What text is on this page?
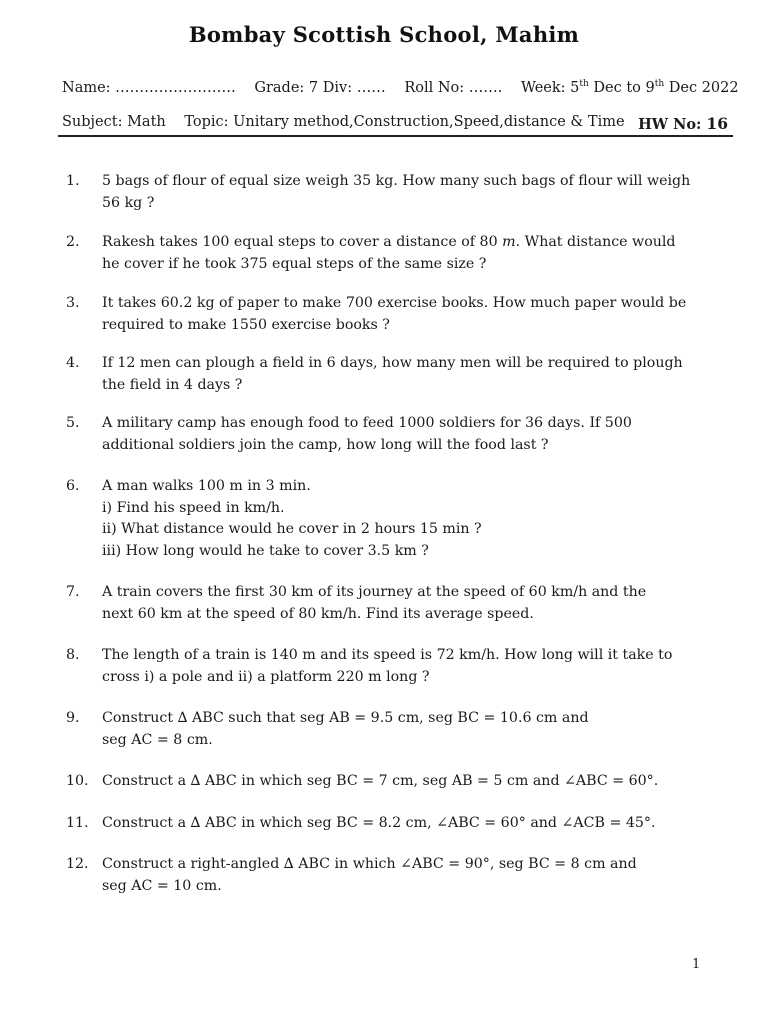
Bombay Scottish School, Mahim
Name: ……………………. Grade: 7 Div: …… Roll No: ……. Week: 5th Dec to 9th Dec 2022
Subject: Math Topic: Unitary method,Construction,Speed,distance & Time HW No: 16
1. 5 bags of flour of equal size weigh 35 kg. How many such bags of flour will weigh
56 kg ?
2. Rakesh takes 100 equal steps to cover a distance of 80 m. What distance would
he cover if he took 375 equal steps of the same size ?
3. It takes 60.2 kg of paper to make 700 exercise books. How much paper would be
required to make 1550 exercise books ?
4. If 12 men can plough a field in 6 days, how many men will be required to plough
the field in 4 days ?
5. A military camp has enough food to feed 1000 soldiers for 36 days. If 500
additional soldiers join the camp, how long will the food last ?
6. A man walks 100 m in 3 min.
i) Find his speed in km/h.
ii) What distance would he cover in 2 hours 15 min ?
iii) How long would he take to cover 3.5 km ?
7. A train covers the first 30 km of its journey at the speed of 60 km/h and the
next 60 km at the speed of 80 km/h. Find its average speed.
8. The length of a train is 140 m and its speed is 72 km/h. How long will it take to
cross i) a pole and ii) a platform 220 m long ?
9. Construct ∆ ABC such that seg AB = 9.5 cm, seg BC = 10.6 cm and
seg AC = 8 cm.
10. Construct a ∆ ABC in which seg BC = 7 cm, seg AB = 5 cm and ∠ABC = 60°.
11. Construct a ∆ ABC in which seg BC = 8.2 cm, ∠ABC = 60° and ∠ACB = 45°.
12. Construct a right-angled ∆ ABC in which ∠ABC = 90°, seg BC = 8 cm and
seg AC = 10 cm.
1
